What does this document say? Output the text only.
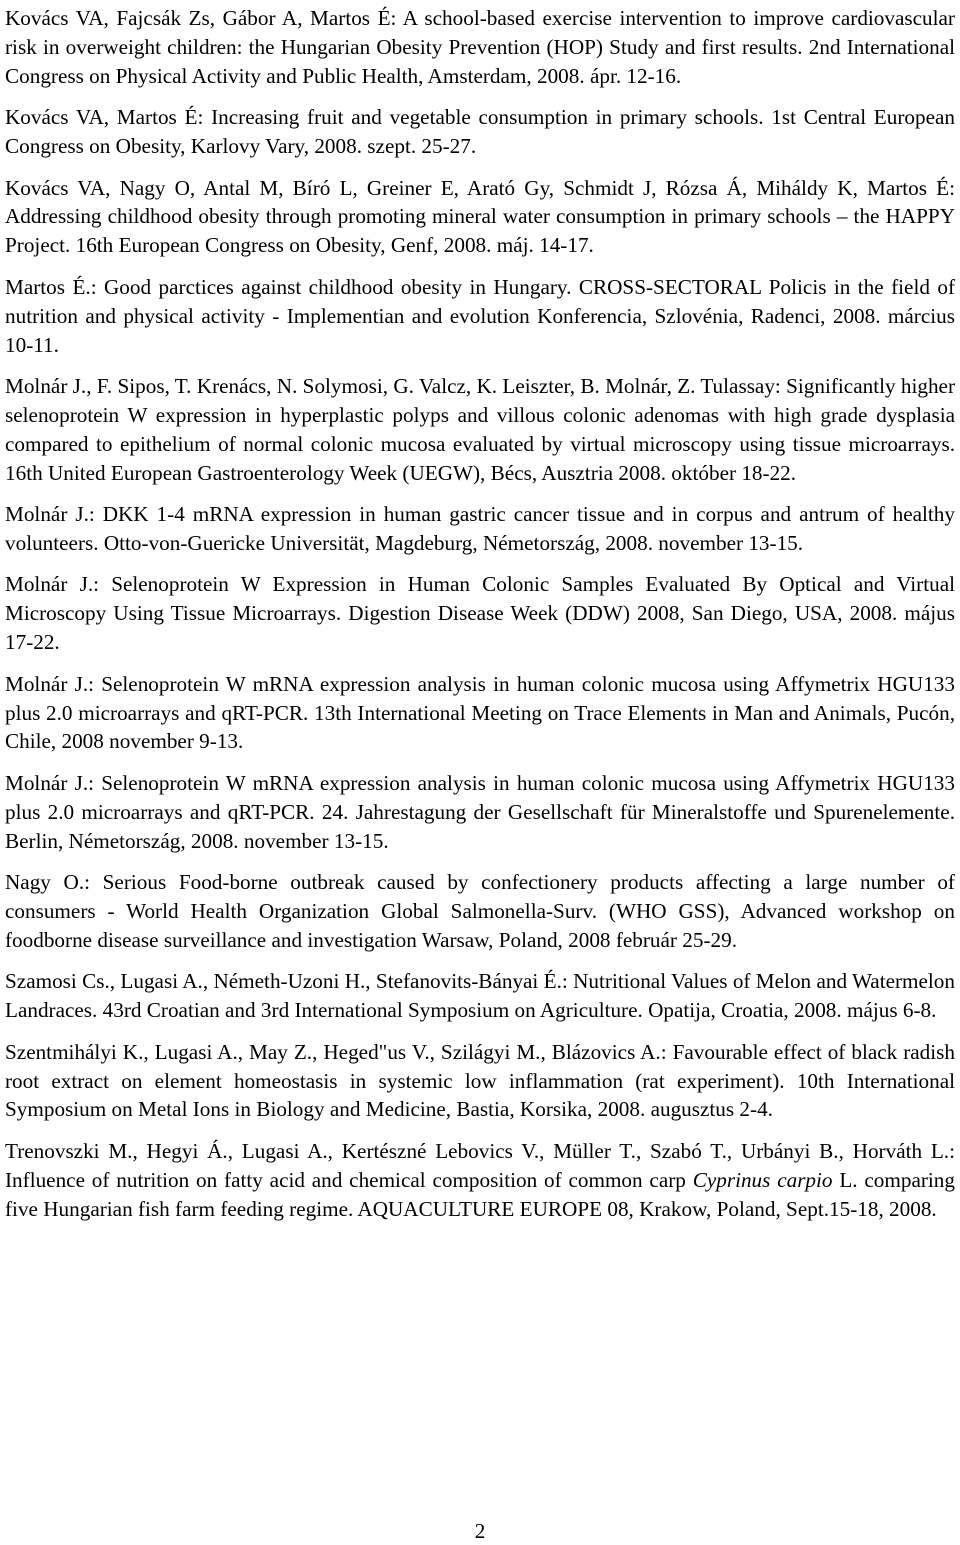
Kovács VA, Fajcsák Zs, Gábor A, Martos É: A school-based exercise intervention to improve cardiovascular risk in overweight children: the Hungarian Obesity Prevention (HOP) Study and first results. 2nd International Congress on Physical Activity and Public Health, Amsterdam, 2008. ápr. 12-16.

Kovács VA, Martos É: Increasing fruit and vegetable consumption in primary schools. 1st Central European Congress on Obesity, Karlovy Vary, 2008. szept. 25-27.

Kovács VA, Nagy O, Antal M, Bíró L, Greiner E, Arató Gy, Schmidt J, Rózsa Á, Miháldy K, Martos É: Addressing childhood obesity through promoting mineral water consumption in primary schools – the HAPPY Project. 16th European Congress on Obesity, Genf, 2008. máj. 14-17.

Martos É.: Good parctices against childhood obesity in Hungary. CROSS-SECTORAL Policis in the field of nutrition and physical activity - Implementian and evolution Konferencia, Szlovénia, Radenci, 2008. március 10-11.

Molnár J., F. Sipos, T. Krenács, N. Solymosi, G. Valcz, K. Leiszter, B. Molnár, Z. Tulassay: Significantly higher selenoprotein W expression in hyperplastic polyps and villous colonic adenomas with high grade dysplasia compared to epithelium of normal colonic mucosa evaluated by virtual microscopy using tissue microarrays. 16th United European Gastroenterology Week (UEGW), Bécs, Ausztria 2008. október 18-22.

Molnár J.: DKK 1-4 mRNA expression in human gastric cancer tissue and in corpus and antrum of healthy volunteers. Otto-von-Guericke Universität, Magdeburg, Németország, 2008. november 13-15.

Molnár J.: Selenoprotein W Expression in Human Colonic Samples Evaluated By Optical and Virtual Microscopy Using Tissue Microarrays. Digestion Disease Week (DDW) 2008, San Diego, USA, 2008. május 17-22.

Molnár J.: Selenoprotein W mRNA expression analysis in human colonic mucosa using Affymetrix HGU133 plus 2.0 microarrays and qRT-PCR. 13th International Meeting on Trace Elements in Man and Animals, Pucón, Chile, 2008 november 9-13.

Molnár J.: Selenoprotein W mRNA expression analysis in human colonic mucosa using Affymetrix HGU133 plus 2.0 microarrays and qRT-PCR. 24. Jahrestagung der Gesellschaft für Mineralstoffe und Spurenelemente. Berlin, Németország, 2008. november 13-15.

Nagy O.: Serious Food-borne outbreak caused by confectionery products affecting a large number of consumers - World Health Organization Global Salmonella-Surv. (WHO GSS), Advanced workshop on foodborne disease surveillance and investigation Warsaw, Poland, 2008 február 25-29.

Szamosi Cs., Lugasi A., Németh-Uzoni H., Stefanovits-Bányai É.: Nutritional Values of Melon and Watermelon Landraces. 43rd Croatian and 3rd International Symposium on Agriculture. Opatija, Croatia, 2008. május 6-8.

Szentmihályi K., Lugasi A., May Z., Heged"us V., Szilágyi M., Blázovics A.: Favourable effect of black radish root extract on element homeostasis in systemic low inflammation (rat experiment). 10th International Symposium on Metal Ions in Biology and Medicine, Bastia, Korsika, 2008. augusztus 2-4.

Trenovszki M., Hegyi Á., Lugasi A., Kertészné Lebovics V., Müller T., Szabó T., Urbányi B., Horváth L.: Influence of nutrition on fatty acid and chemical composition of common carp Cyprinus carpio L. comparing five Hungarian fish farm feeding regime. AQUACULTURE EUROPE 08, Krakow, Poland, Sept.15-18, 2008.

2
